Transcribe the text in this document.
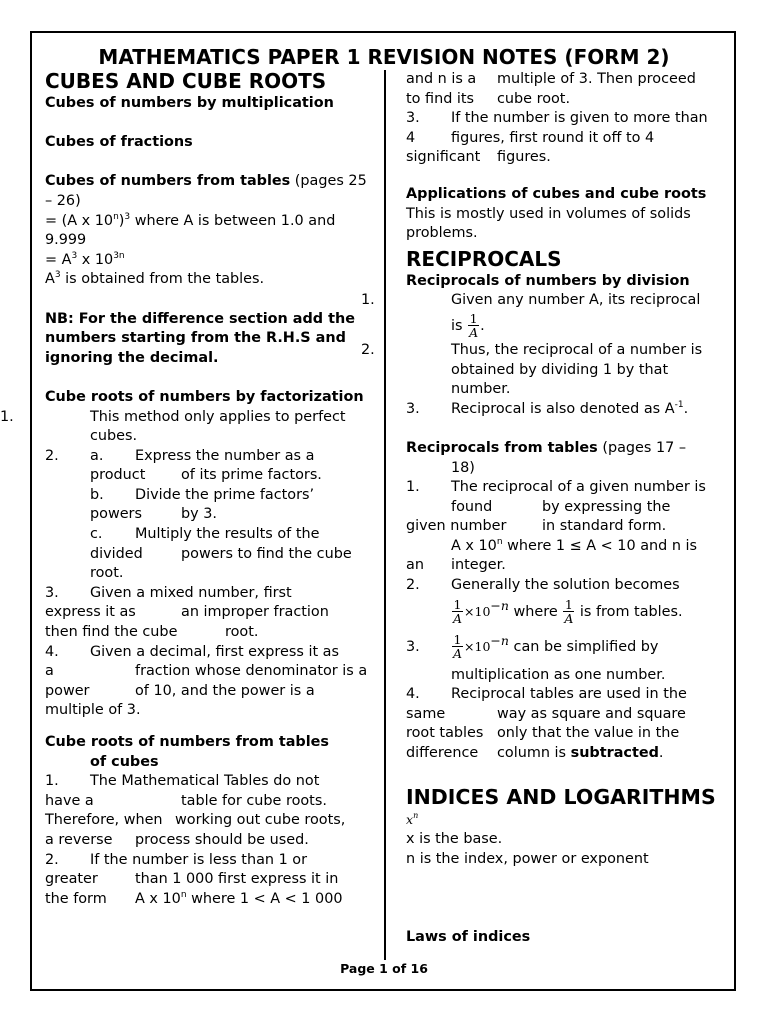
MATHEMATICS PAPER 1 REVISION NOTES (FORM 2)
CUBES AND CUBE ROOTS
Cubes of numbers by multiplication
Cubes of fractions
Cubes of numbers from tables (pages 25 – 26)
= (A x 10$^n$)$^3$ where A is between 1.0 and 9.999
= $A^3$ x $10^{3n}$
$A^3$ is obtained from the tables.
NB: For the difference section add the numbers starting from the R.H.S and ignoring the decimal.
Cube roots of numbers by factorization
1.	This method only applies to perfect cubes.
2. a. Express the number as a
product of its prime factors.
b. Divide the prime factors’
powers	by 3.
c. Multiply the results of the
divided	powers to find the cube
root.
3. Given a mixed number, first
express it as	an improper fraction
then find the cube	root.
4. Given a decimal, first express it as
a	fraction whose denominator is a
power	of 10, and the power is a
multiple of 3.
Cube roots of numbers from tables
of cubes
1. The Mathematical Tables do not
have a	table for cube roots.
Therefore, when working out cube roots,
a reverse process should be used.
2. If the number is less than 1 or
greater	than 1 000 first express it in
the form A x 10$^n$ where 1 < A < 1 000
and n is a multiple of 3. Then proceed
to find its cube root.
3. If the number is given to more than
4 figures, first round it off to 4
significant figures.
Applications of cubes and cube roots
This is mostly used in volumes of solids problems.
RECIPROCALS
Reciprocals of numbers by division
1.	Given any number A, its reciprocal
is $\frac{1}{A}$ .
2.	Thus, the reciprocal of a number is obtained by dividing 1 by that number.
3. Reciprocal is also denoted as $A^{-1}$.
Reciprocals from tables (pages 17 –
18)
1. The reciprocal of a given number is
found	by expressing the
given number in standard form.
A x 10$^n$ where 1 ≤ A < 10 and n is
an integer.
2. Generally the solution becomes
$\frac{1}{A} \times 10^{-n}$ where $\frac{1}{A}$ is from tables.
3.	$\frac{1}{A} \times 10^{-n}$ can be simplified by
multiplication as one number.
4. Reciprocal tables are used in the
same	way as square and square
root tables only that the value in the
difference column is subtracted.
INDICES AND LOGARITHMS
$x^n$
x is the base.
n is the index, power or exponent
Laws of indices
Page 1 of 16
